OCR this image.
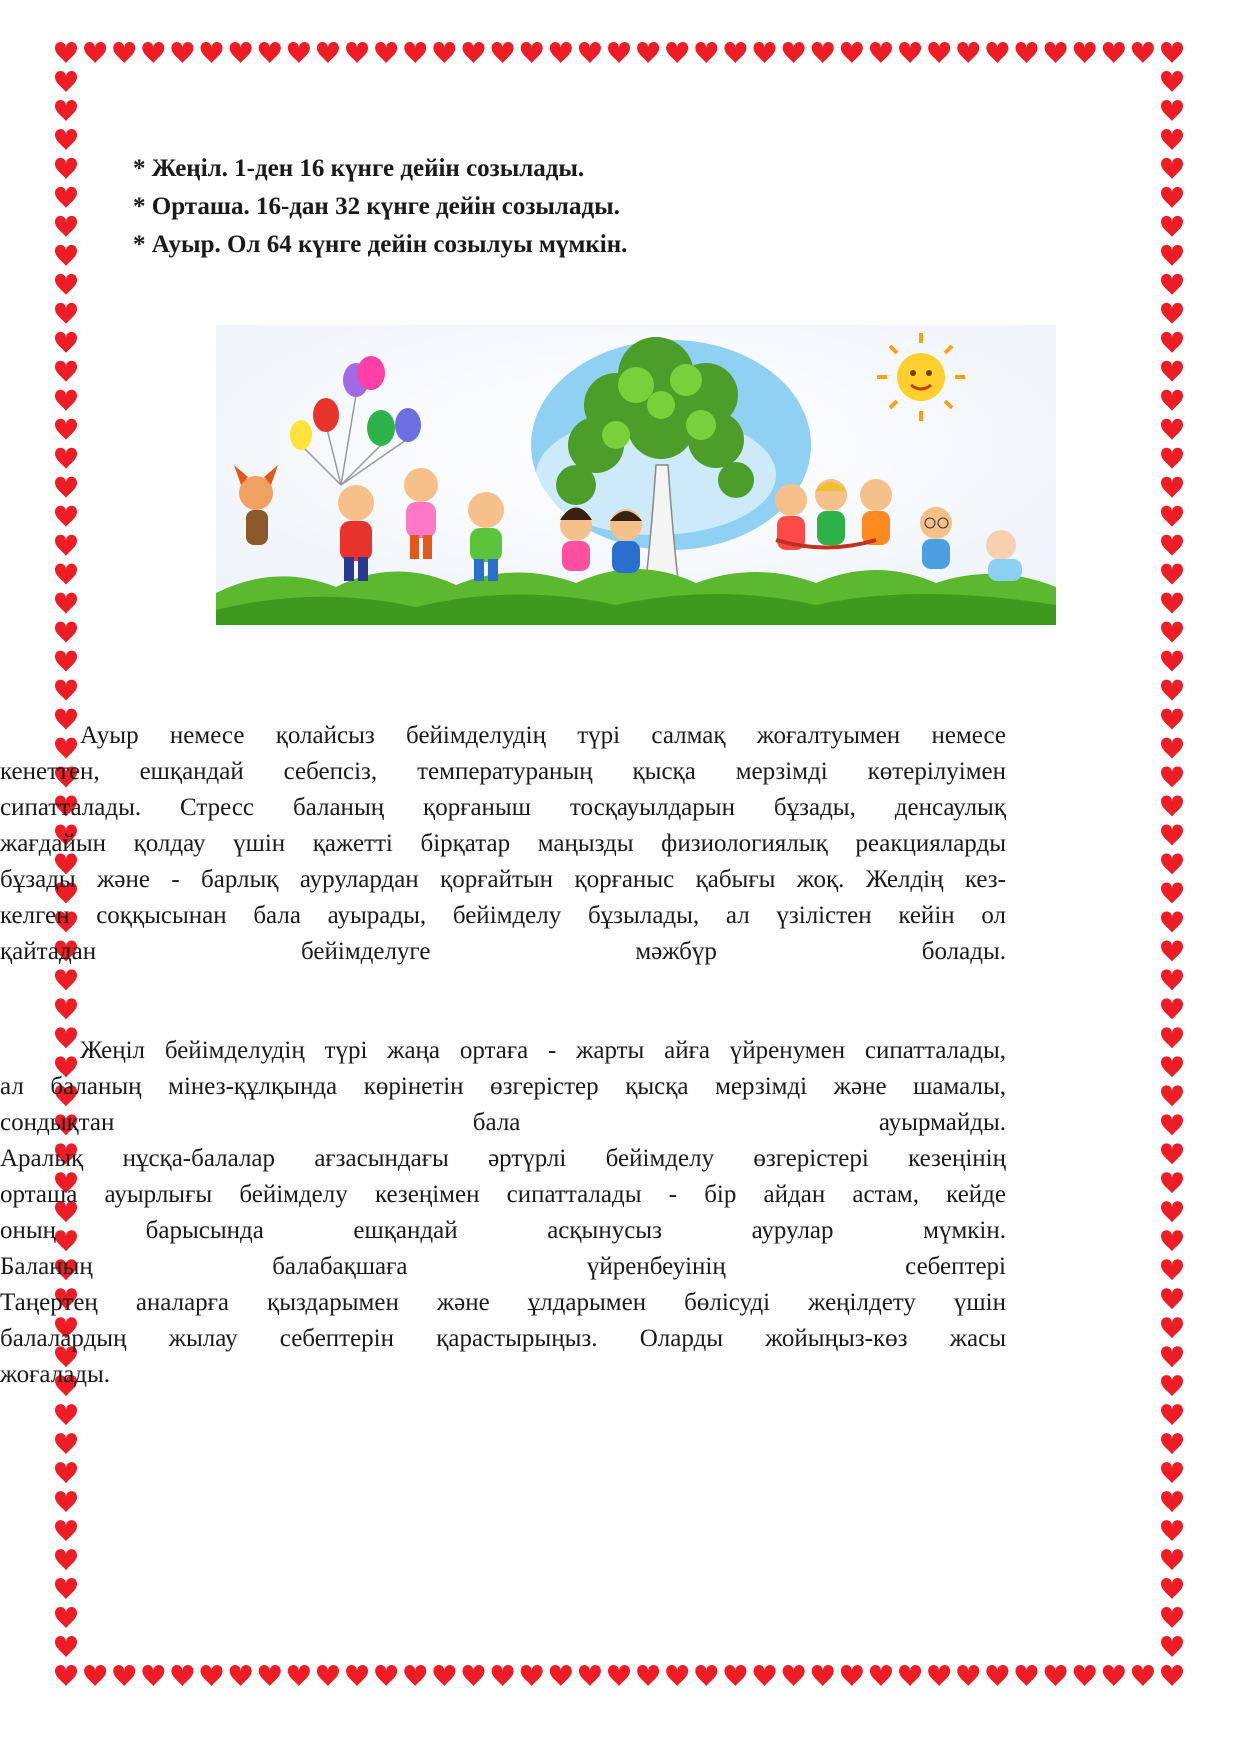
* Жеңіл. 1-ден 16 күнге дейін созылады.
* Орташа. 16-дан 32 күнге дейін созылады.
* Ауыр. Ол 64 күнге дейін созылуы мүмкін.

Ауыр немесе қолайсыз бейімделудің түрі салмақ жоғалтуымен немесе
кенеттен, ешқандай себепсіз, температураның қысқа мерзімді көтерілуімен
сипатталады. Стресс баланың қорғаныш тосқауылдарын бұзады, денсаулық
жағдайын қолдау үшін қажетті бірқатар маңызды физиологиялық реакцияларды
бұзады және - барлық аурулардан қорғайтын қорғаныс қабығы жоқ. Желдің кез-
келген соққысынан бала ауырады, бейімделу бұзылады, ал үзілістен кейін ол
қайтадан бейімделуге мәжбүр болады.

Жеңіл бейімделудің түрі жаңа ортаға - жарты айға үйренумен сипатталады,
ал баланың мінез-құлқында көрінетін өзгерістер қысқа мерзімді және шамалы,
сондықтан бала ауырмайды.
Аралық нұсқа-балалар ағзасындағы әртүрлі бейімделу өзгерістері кезеңінің
орташа ауырлығы бейімделу кезеңімен сипатталады - бір айдан астам, кейде
оның барысында ешқандай асқынусыз аурулар мүмкін.
Баланың балабақшаға үйренбеуінің себептері
Таңертең аналарға қыздарымен және ұлдарымен бөлісуді жеңілдету үшін
балалардың жылау себептерін қарастырыңыз. Оларды жойыңыз-көз жасы
жоғалады.
